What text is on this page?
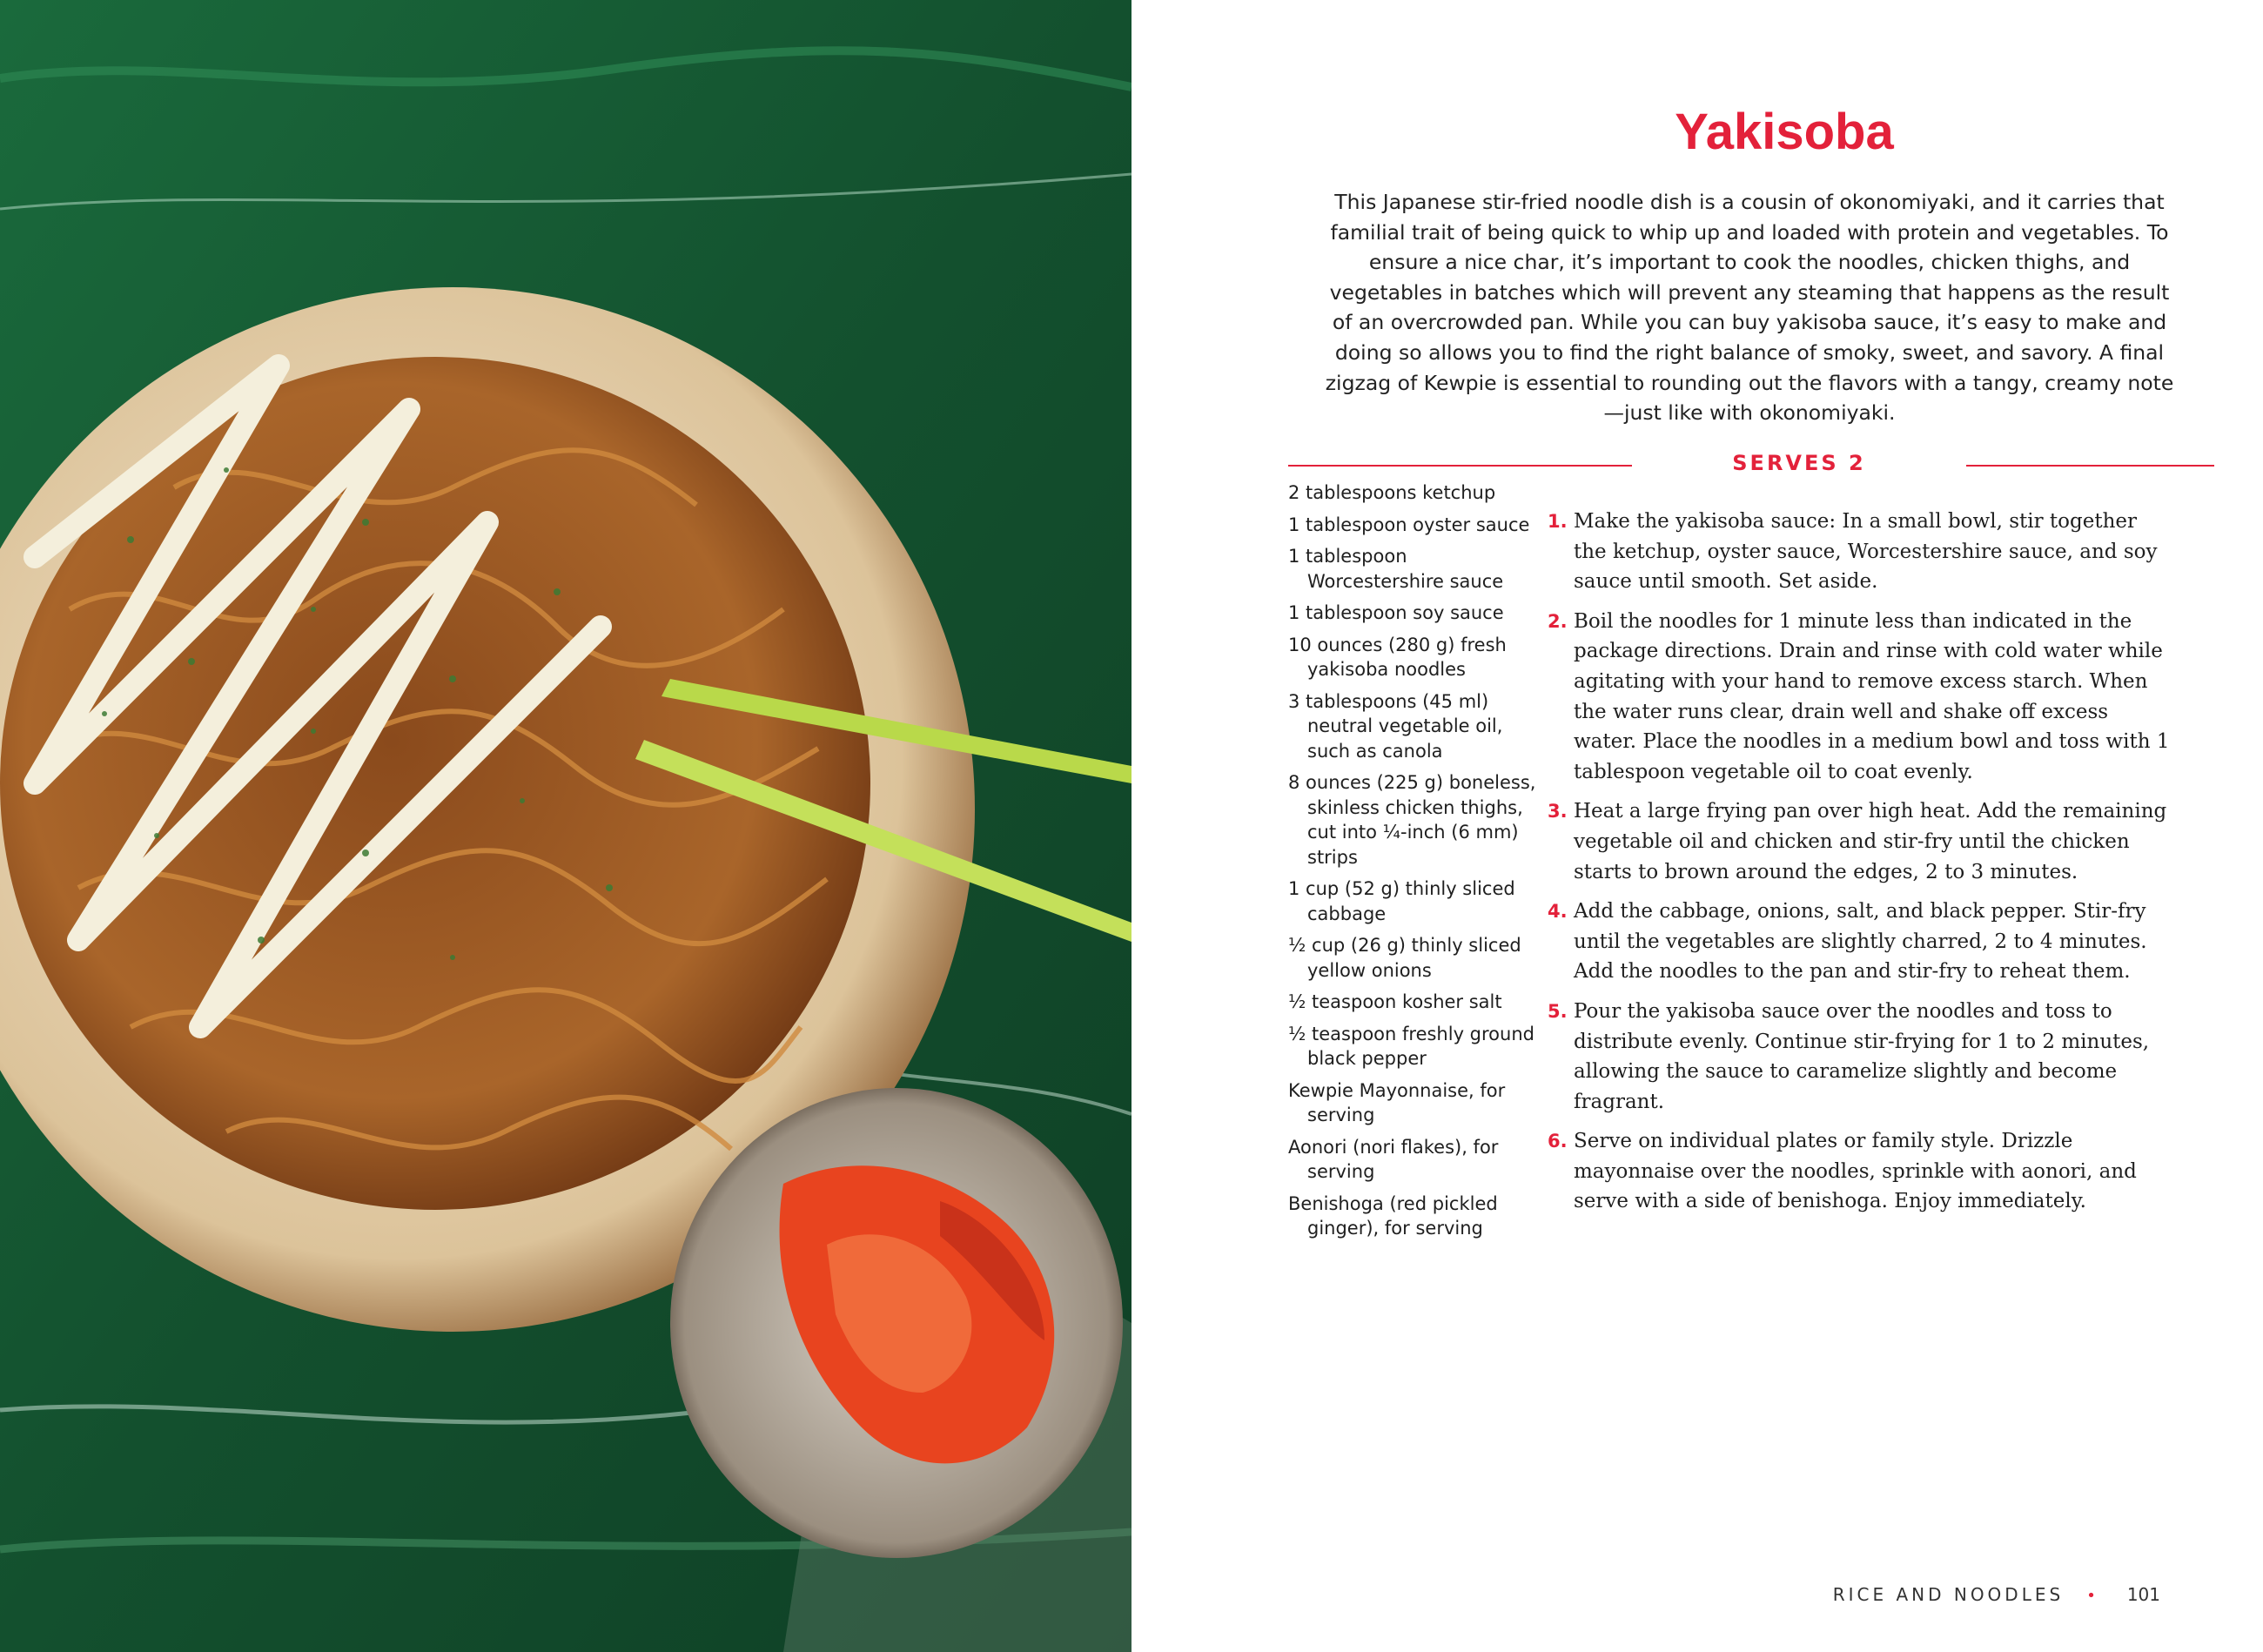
Yakisoba
This Japanese stir-fried noodle dish is a cousin of okonomiyaki, and it carries that familial trait of being quick to whip up and loaded with protein and vegetables. To ensure a nice char, it’s important to cook the noodles, chicken thighs, and vegetables in batches which will prevent any steaming that happens as the result of an overcrowded pan. While you can buy yakisoba sauce, it’s easy to make and doing so allows you to find the right balance of smoky, sweet, and savory. A final zigzag of Kewpie is essential to rounding out the flavors with a tangy, creamy note—just like with okonomiyaki.
SERVES 2
2 tablespoons ketchup
1 tablespoon oyster sauce
1 tablespoon Worcestershire sauce
1 tablespoon soy sauce
10 ounces (280 g) fresh yakisoba noodles
3 tablespoons (45 ml) neutral vegetable oil, such as canola
8 ounces (225 g) boneless, skinless chicken thighs, cut into ¼-inch (6 mm) strips
1 cup (52 g) thinly sliced cabbage
½ cup (26 g) thinly sliced yellow onions
½ teaspoon kosher salt
½ teaspoon freshly ground black pepper
Kewpie Mayonnaise, for serving
Aonori (nori flakes), for serving
Benishoga (red pickled ginger), for serving
1. Make the yakisoba sauce: In a small bowl, stir together the ketchup, oyster sauce, Worcestershire sauce, and soy sauce until smooth. Set aside.
2. Boil the noodles for 1 minute less than indicated in the package directions. Drain and rinse with cold water while agitating with your hand to remove excess starch. When the water runs clear, drain well and shake off excess water. Place the noodles in a medium bowl and toss with 1 tablespoon vegetable oil to coat evenly.
3. Heat a large frying pan over high heat. Add the remaining vegetable oil and chicken and stir-fry until the chicken starts to brown around the edges, 2 to 3 minutes.
4. Add the cabbage, onions, salt, and black pepper. Stir-fry until the vegetables are slightly charred, 2 to 4 minutes. Add the noodles to the pan and stir-fry to reheat them.
5. Pour the yakisoba sauce over the noodles and toss to distribute evenly. Continue stir-frying for 1 to 2 minutes, allowing the sauce to caramelize slightly and become fragrant.
6. Serve on individual plates or family style. Drizzle mayonnaise over the noodles, sprinkle with aonori, and serve with a side of benishoga. Enjoy immediately.
RICE AND NOODLES • 101
